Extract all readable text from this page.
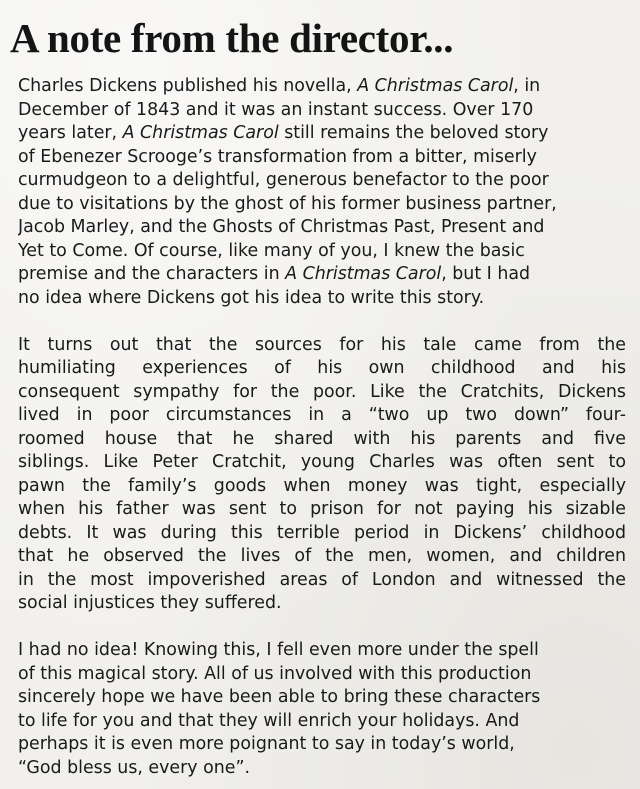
A note from the director...
Charles Dickens published his novella, A Christmas Carol, in
December of 1843 and it was an instant success. Over 170
years later, A Christmas Carol still remains the beloved story
of Ebenezer Scrooge’s transformation from a bitter, miserly
curmudgeon to a delightful, generous benefactor to the poor
due to visitations by the ghost of his former business partner,
Jacob Marley, and the Ghosts of Christmas Past, Present and
Yet to Come. Of course, like many of you, I knew the basic
premise and the characters in A Christmas Carol, but I had
no idea where Dickens got his idea to write this story.
It turns out that the sources for his tale came from the
humiliating experiences of his own childhood and his
consequent sympathy for the poor. Like the Cratchits, Dickens
lived in poor circumstances in a “two up two down” four-
roomed house that he shared with his parents and five
siblings. Like Peter Cratchit, young Charles was often sent to
pawn the family’s goods when money was tight, especially
when his father was sent to prison for not paying his sizable
debts. It was during this terrible period in Dickens’ childhood
that he observed the lives of the men, women, and children
in the most impoverished areas of London and witnessed the
social injustices they suffered.
I had no idea! Knowing this, I fell even more under the spell
of this magical story. All of us involved with this production
sincerely hope we have been able to bring these characters
to life for you and that they will enrich your holidays. And
perhaps it is even more poignant to say in today’s world,
“God bless us, every one”.
